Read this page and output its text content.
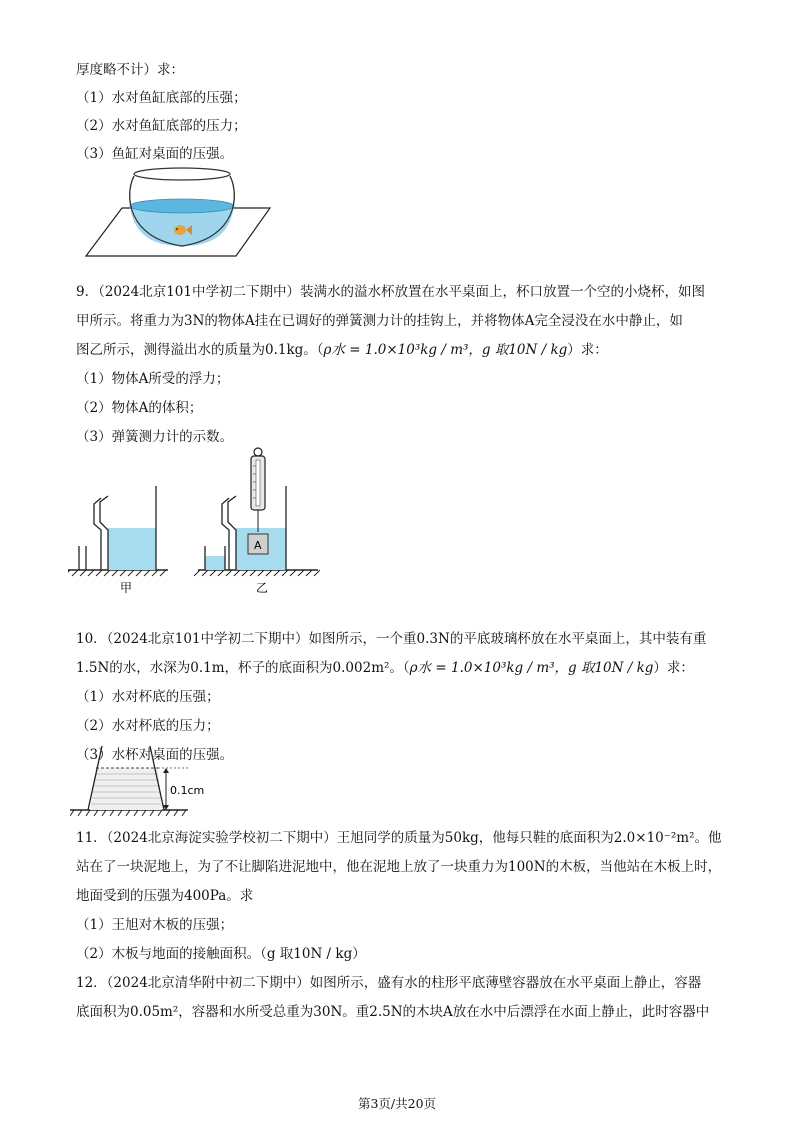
厚度略不计）求：
（1）水对鱼缸底部的压强；
（2）水对鱼缸底部的压力；
（3）鱼缸对桌面的压强。
9．（2024北京101中学初二下期中）装满水的溢水杯放置在水平桌面上，杯口放置一个空的小烧杯，如图
甲所示。将重力为3N的物体A挂在已调好的弹簧测力计的挂钩上，并将物体A完全浸没在水中静止，如
图乙所示，测得溢出水的质量为0.1kg。（ρ水 = 1.0×10³kg / m³，g 取10N / kg）求：
（1）物体A所受的浮力；
（2）物体A的体积；
（3）弹簧测力计的示数。
甲
A
乙
10．（2024北京101中学初二下期中）如图所示，一个重0.3N的平底玻璃杯放在水平桌面上，其中装有重
1.5N的水，水深为0.1m，杯子的底面积为0.002m²。（ρ水 = 1.0×10³kg / m³，g 取10N / kg）求：
（1）水对杯底的压强；
（2）水对杯底的压力；
（3）水杯对桌面的压强。
0.1cm
11．（2024北京海淀实验学校初二下期中）王旭同学的质量为50kg，他每只鞋的底面积为2.0×10⁻²m²。他
站在了一块泥地上，为了不让脚陷进泥地中，他在泥地上放了一块重力为100N的木板，当他站在木板上时，
地面受到的压强为400Pa。求
（1）王旭对木板的压强；
（2）木板与地面的接触面积。（g 取10N / kg）
12．（2024北京清华附中初二下期中）如图所示，盛有水的柱形平底薄壁容器放在水平桌面上静止，容器
底面积为0.05m²，容器和水所受总重为30N。重2.5N的木块A放在水中后漂浮在水面上静止，此时容器中
第3页/共20页
